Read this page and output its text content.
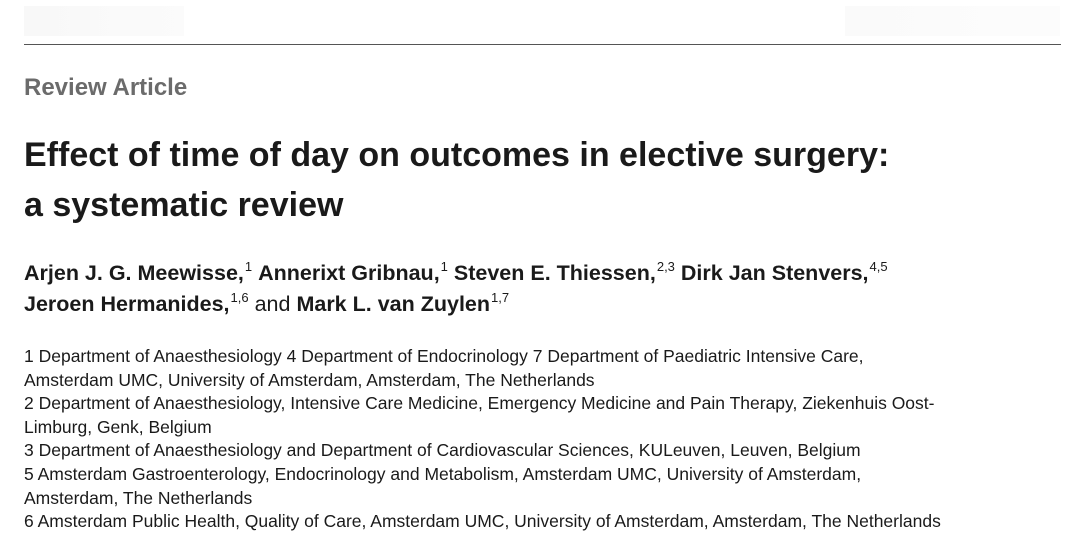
Review Article
Effect of time of day on outcomes in elective surgery:
a systematic review
Arjen J. G. Meewisse,$^1$ Annerixt Gribnau,$^1$ Steven E. Thiessen,$^{2,3}$ Dirk Jan Stenvers,$^{4,5}$
Jeroen Hermanides,$^{1,6}$ and Mark L. van Zuylen$^{1,7}$
1 Department of Anaesthesiology 4 Department of Endocrinology 7 Department of Paediatric Intensive Care,
Amsterdam UMC, University of Amsterdam, Amsterdam, The Netherlands
2 Department of Anaesthesiology, Intensive Care Medicine, Emergency Medicine and Pain Therapy, Ziekenhuis Oost-
Limburg, Genk, Belgium
3 Department of Anaesthesiology and Department of Cardiovascular Sciences, KULeuven, Leuven, Belgium
5 Amsterdam Gastroenterology, Endocrinology and Metabolism, Amsterdam UMC, University of Amsterdam,
Amsterdam, The Netherlands
6 Amsterdam Public Health, Quality of Care, Amsterdam UMC, University of Amsterdam, Amsterdam, The Netherlands
